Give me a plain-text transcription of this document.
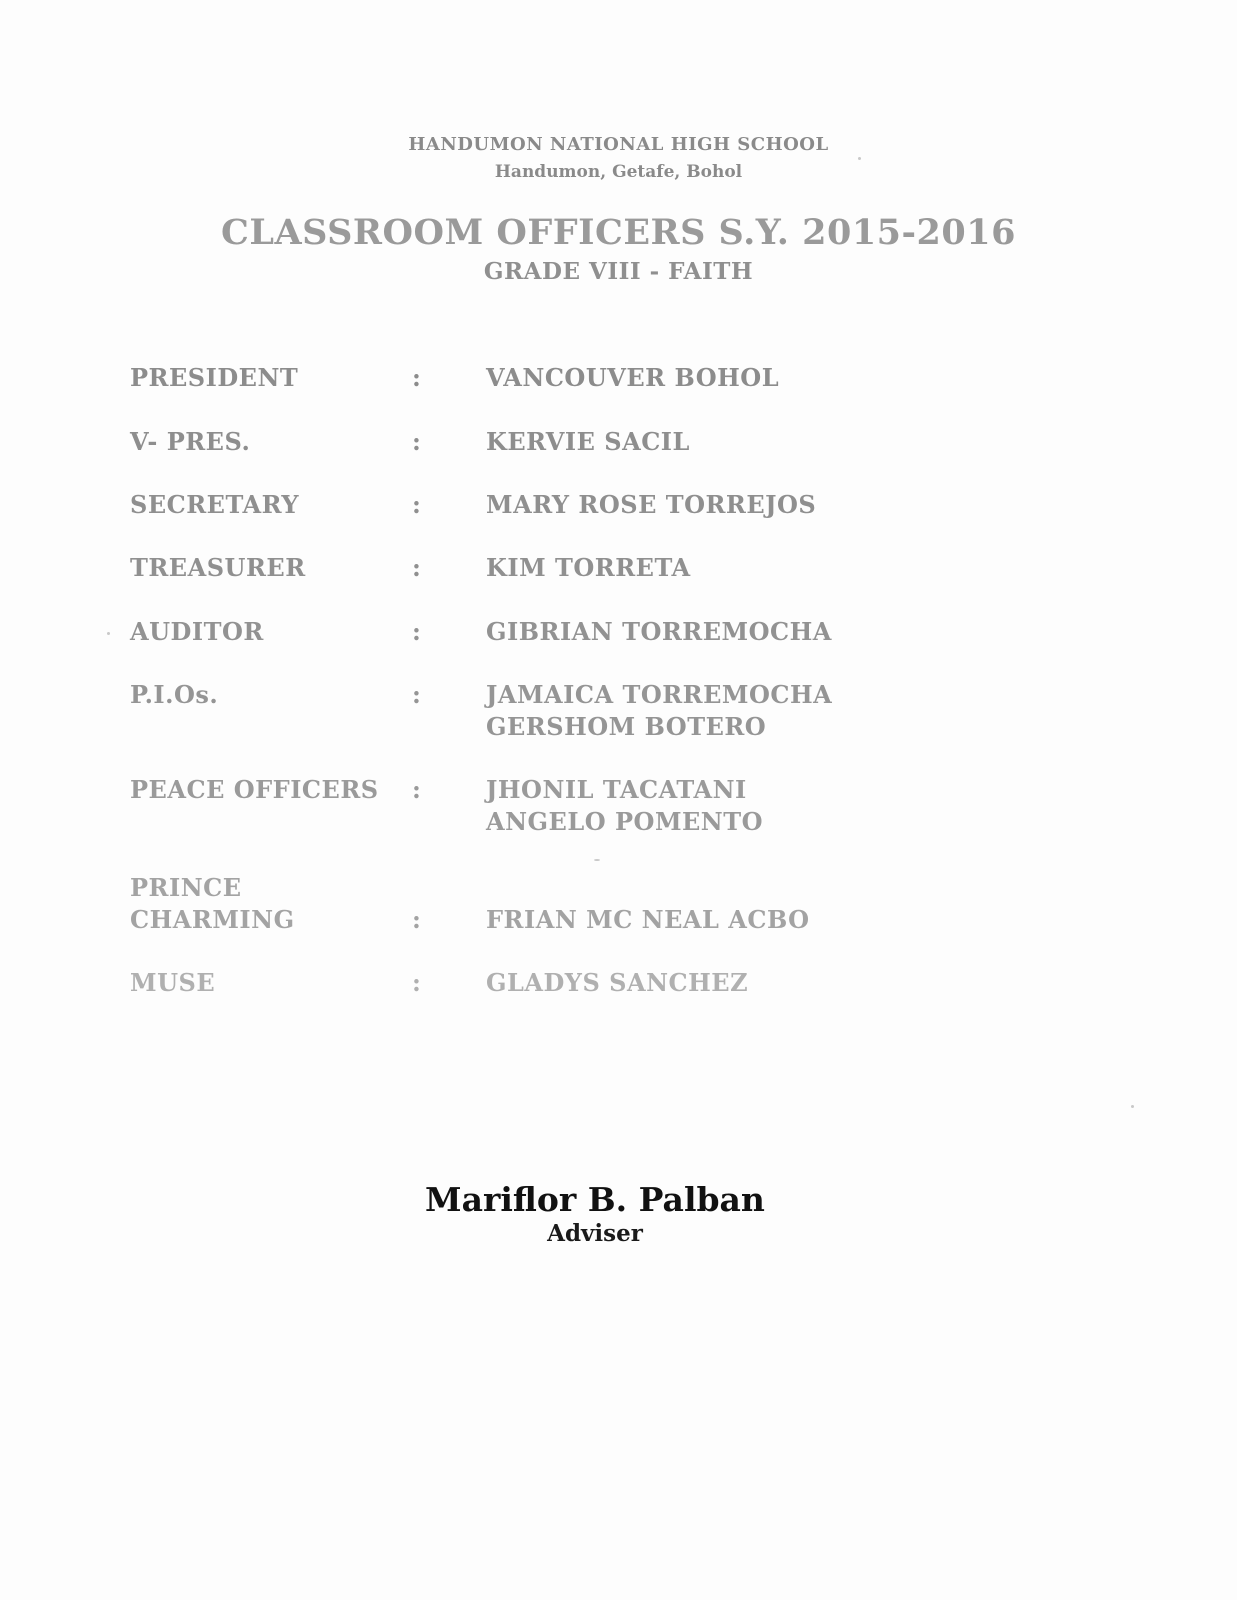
HANDUMON NATIONAL HIGH SCHOOL
Handumon, Getafe, Bohol
CLASSROOM OFFICERS S.Y. 2015-2016
GRADE VIII - FAITH
PRESIDENT	:	VANCOUVER BOHOL
V- PRES.	:	KERVIE SACIL
SECRETARY	:	MARY ROSE TORREJOS
TREASURER	:	KIM TORRETA
AUDITOR	:	GIBRIAN TORREMOCHA
P.I.Os.	:	JAMAICA TORREMOCHA
GERSHOM BOTERO
PEACE OFFICERS	:	JHONIL TACATANI
ANGELO POMENTO
PRINCE
CHARMING	:	FRIAN MC NEAL ACBO
MUSE	:	GLADYS SANCHEZ
Mariflor B. Palban
Adviser
